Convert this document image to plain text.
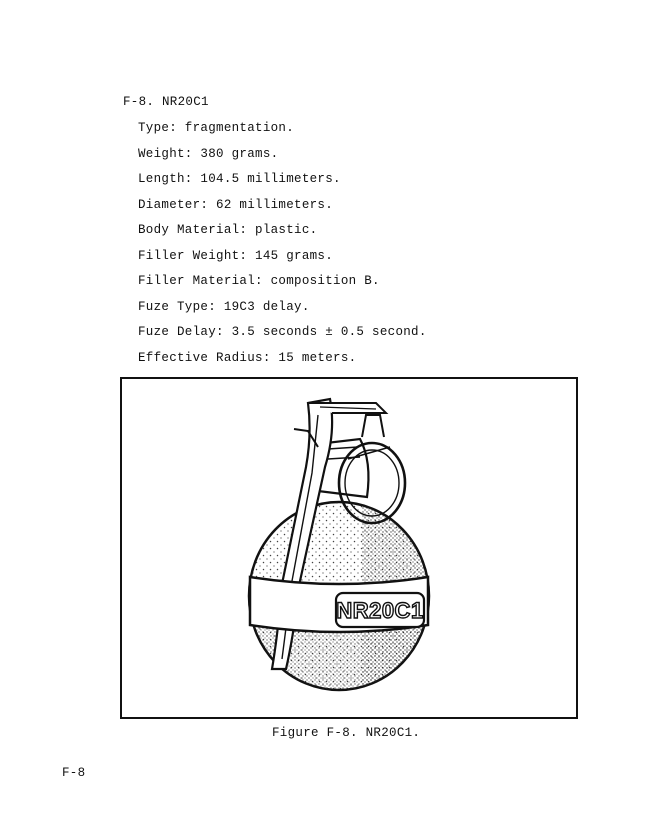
F-8. NR20C1
Type: fragmentation.
Weight: 380 grams.
Length: 104.5 millimeters.
Diameter: 62 millimeters.
Body Material: plastic.
Filler Weight: 145 grams.
Filler Material: composition B.
Fuze Type: 19C3 delay.
Fuze Delay: 3.5 seconds ± 0.5 second.
Effective Radius: 15 meters.
NR20C1
Figure F-8. NR20C1.
F-8
